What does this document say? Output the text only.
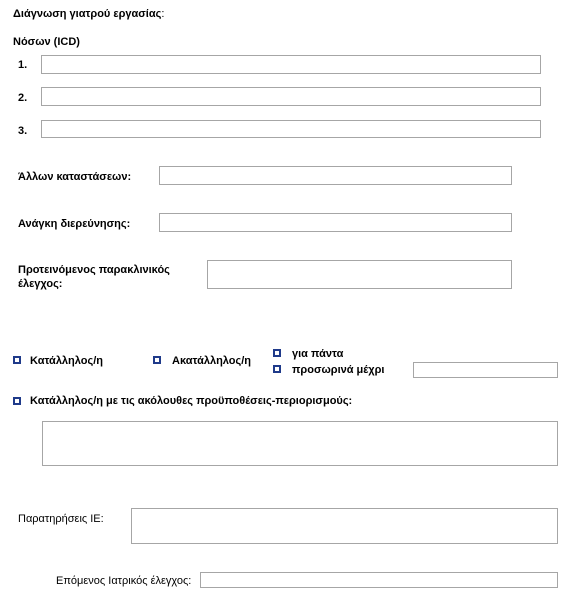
Διάγνωση γιατρού εργασίας:
Νόσων (ICD)
1.
2.
3.
Άλλων καταστάσεων:
Ανάγκη διερεύνησης:
Προτεινόμενος παρακλινικός έλεγχος:
Κατάλληλος/η	Ακατάλληλος/η
για πάντα
προσωρινά μέχρι
Κατάλληλος/η με τις ακόλουθες προϋποθέσεις-περιορισμούς:
Παρατηρήσεις ΙΕ:
Επόμενος Ιατρικός έλεγχος:
